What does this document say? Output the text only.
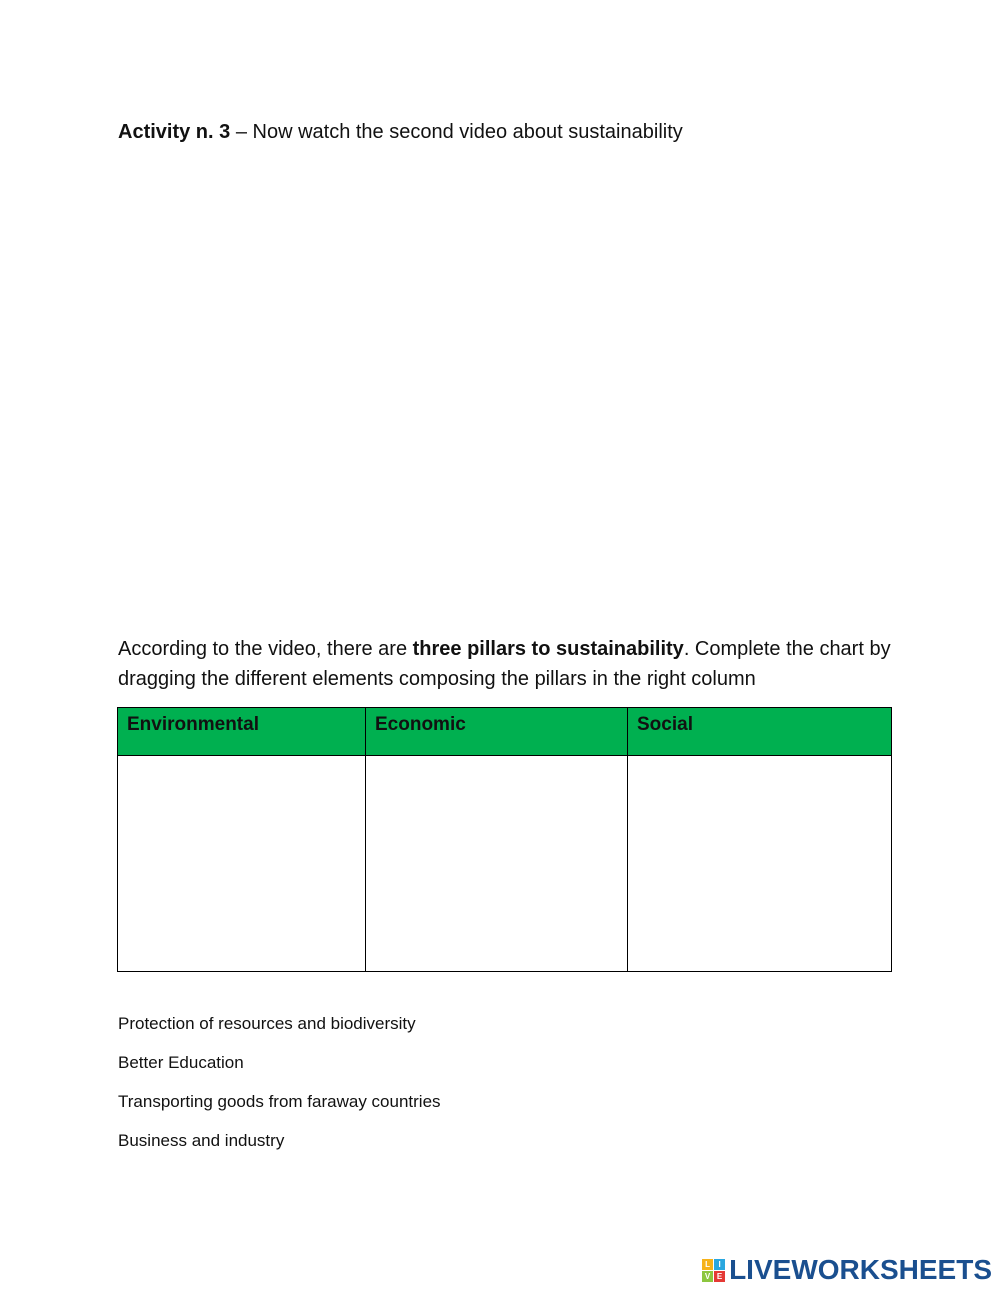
Activity n. 3 – Now watch the second video about sustainability
According to the video, there are three pillars to sustainability. Complete the chart by dragging the different elements composing the pillars in the right column
Environmental	Economic	Social

Protection of resources and biodiversity
Better Education
Transporting goods from faraway countries
Business and industry
L	I
V E LIVEWORKSHEETS
